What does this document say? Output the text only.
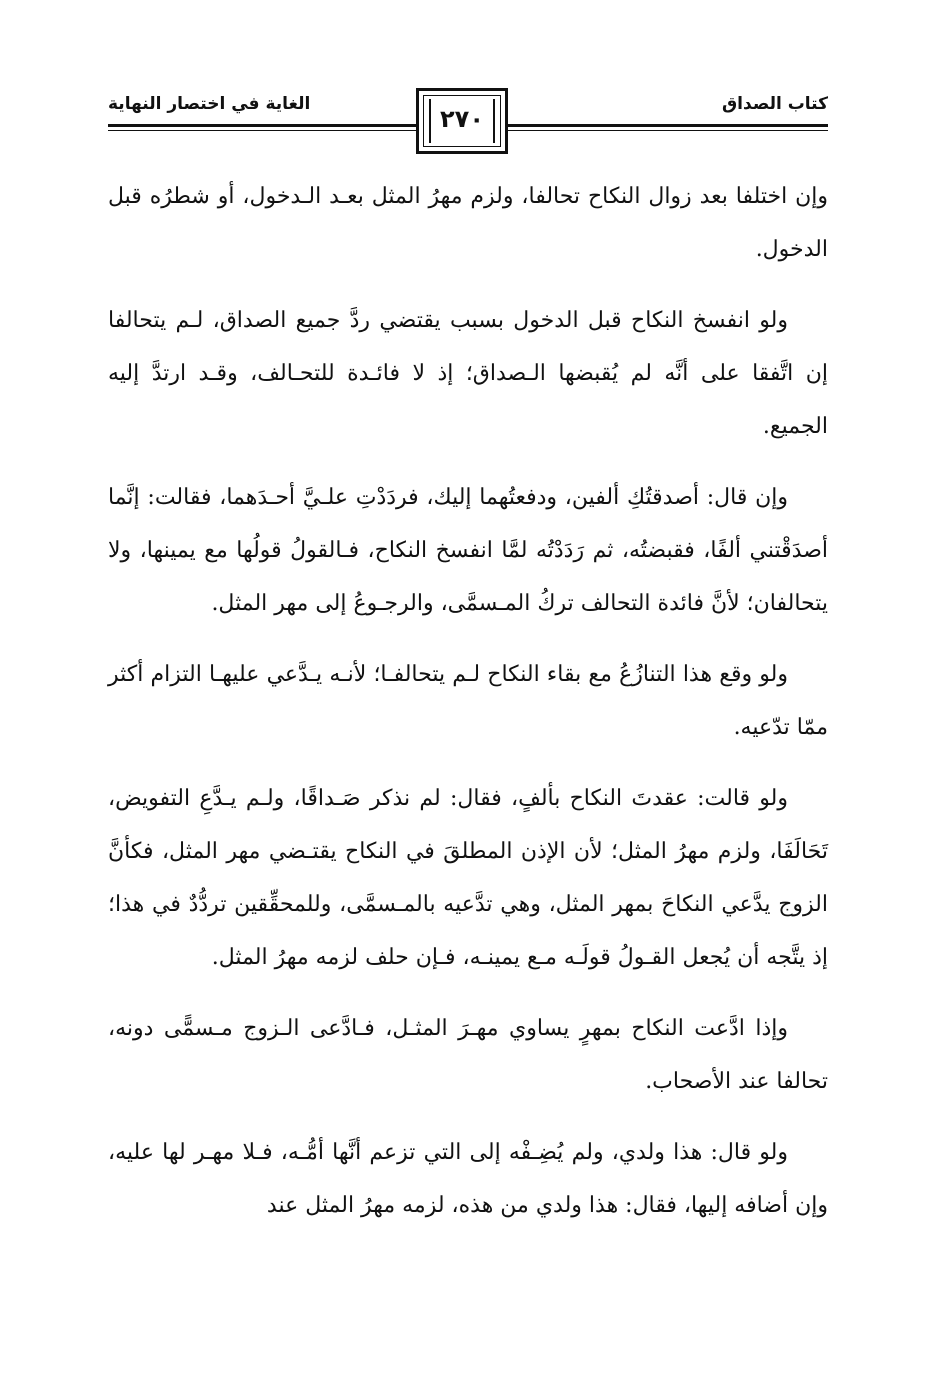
كتاب الصداق
الغاية في اختصار النهاية
٢٧٠

وإن اختلفا بعد زوال النكاح تحالفا، ولزم مهرُ المثل بعـد الـدخول، أو شطرُه قبل الدخول.

ولو انفسخ النكاح قبل الدخول بسبب يقتضي ردَّ جميع الصداق، لـم يتحالفا إن اتَّفقا على أنَّه لم يُقبضها الـصداق؛ إذ لا فائـدة للتحـالف، وقـد ارتدَّ إليه الجميع.

وإن قال: أصدقتُكِ ألفين، ودفعتُهما إليك، فردَدْتِ علـيَّ أحـدَهما، فقالت: إنَّما أصدَقْتني ألفًا، فقبضتُه، ثم رَدَدْتُه لمَّا انفسخ النكاح، فـالقولُ قولُها مع يمينها، ولا يتحالفان؛ لأنَّ فائدة التحالف تركُ المـسمَّى، والرجـوعُ إلى مهر المثل.

ولو وقع هذا التنازُعُ مع بقاء النكاح لـم يتحالفـا؛ لأنـه يـدَّعي عليهـا التزام أكثر ممّا تدّعيه.

ولو قالت: عقدتَ النكاح بألفٍ، فقال: لم نذكر صَـداقًا، ولـم يـدَّعِ التفويض، تَحَالَفَا، ولزم مهرُ المثل؛ لأن الإذن المطلقَ في النكاح يقتـضي مهر المثل، فكأنَّ الزوج يدَّعي النكاحَ بمهر المثل، وهي تدَّعيه بالمـسمَّى، وللمحقِّقين تردُّدٌ في هذا؛ إذ يتَّجه أن يُجعل القـولُ قولَـه مـع يمينـه، فـإن حلف لزمه مهرُ المثل.

وإذا ادَّعت النكاح بمهرٍ يساوي مهـرَ المثـل، فـادَّعى الـزوج مـسمًّى دونه، تحالفا عند الأصحاب.

ولو قال: هذا ولدي، ولم يُضِـفْه إلى التي تزعم أنَّها أمُّـه، فـلا مهـر لها عليه، وإن أضافه إليها، فقال: هذا ولدي من هذه، لزمه مهرُ المثل عند
